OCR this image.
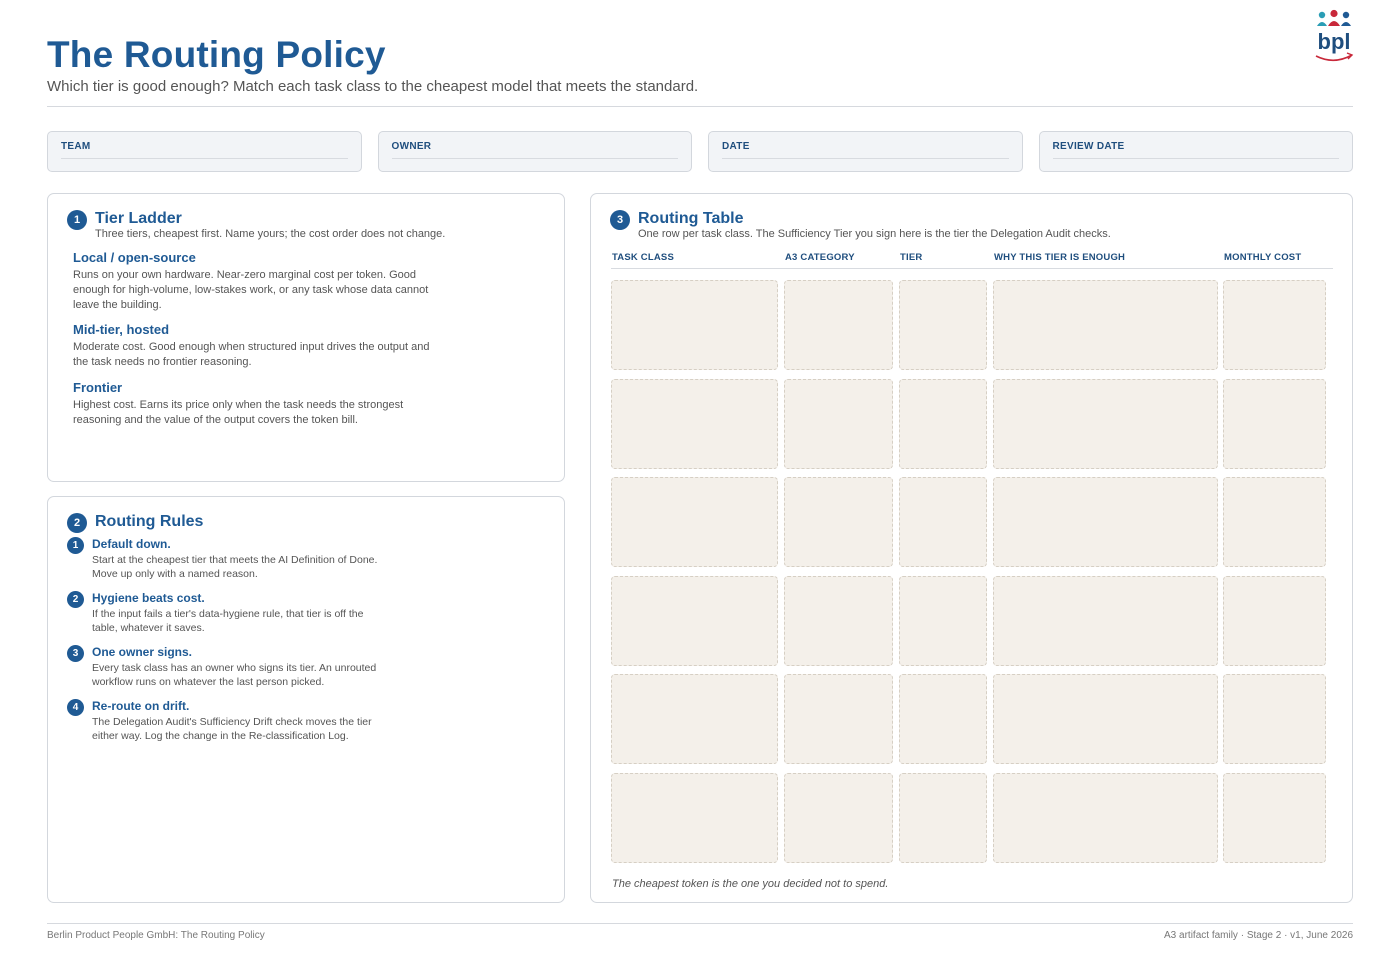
The Routing Policy
Which tier is good enough? Match each task class to the cheapest model that meets the standard.
bpl
TEAM	OWNER	DATE	REVIEW DATE
1 Tier Ladder
Three tiers, cheapest first. Name yours; the cost order does not change.
Local / open-source
Runs on your own hardware. Near-zero marginal cost per token. Good enough for high-volume, low-stakes work, or any task whose data cannot leave the building.
Mid-tier, hosted
Moderate cost. Good enough when structured input drives the output and the task needs no frontier reasoning.
Frontier
Highest cost. Earns its price only when the task needs the strongest reasoning and the value of the output covers the token bill.
2 Routing Rules
1	Default down.
Start at the cheapest tier that meets the AI Definition of Done. Move up only with a named reason.
2	Hygiene beats cost.
If the input fails a tier's data-hygiene rule, that tier is off the table, whatever it saves.
3	One owner signs.
Every task class has an owner who signs its tier. An unrouted workflow runs on whatever the last person picked.
4	Re-route on drift.
The Delegation Audit's Sufficiency Drift check moves the tier either way. Log the change in the Re-classification Log.
3 Routing Table
One row per task class. The Sufficiency Tier you sign here is the tier the Delegation Audit checks.
TASK CLASS	A3 CATEGORY	TIER	WHY THIS TIER IS ENOUGH	MONTHLY COST
The cheapest token is the one you decided not to spend.
Berlin Product People GmbH: The Routing Policy	A3 artifact family · Stage 2 · v1, June 2026
